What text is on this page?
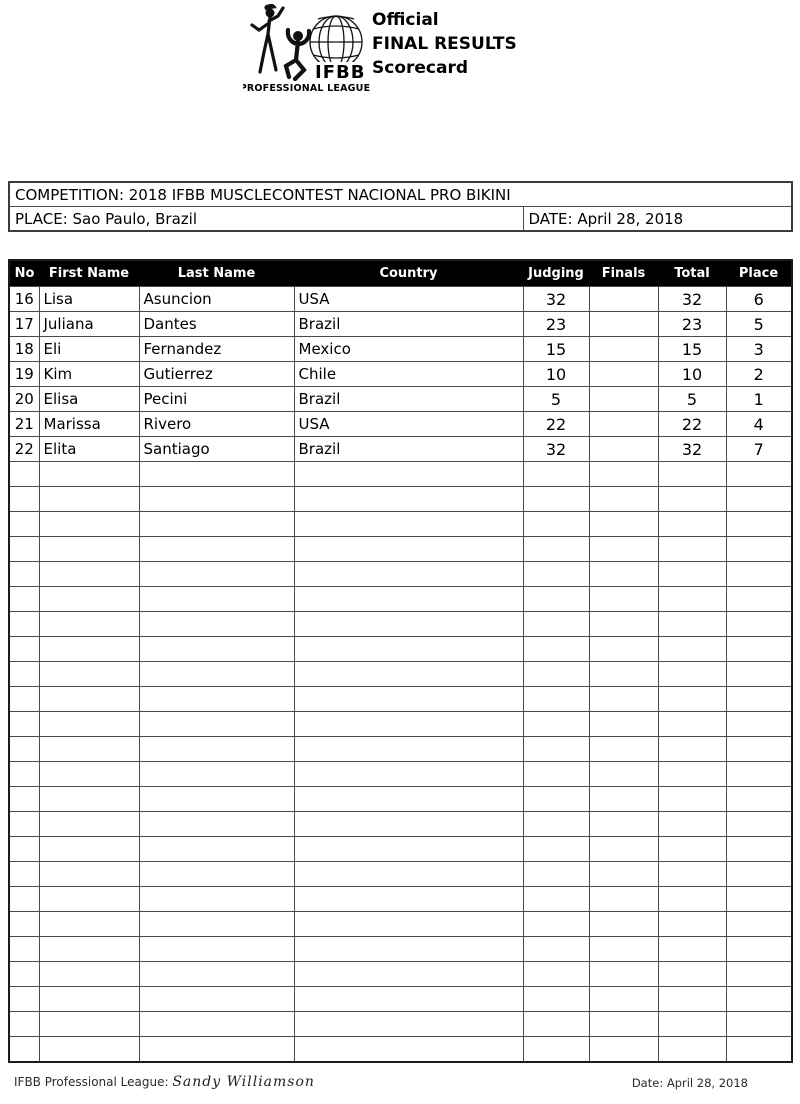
IFBB
PROFESSIONAL LEAGUE
Official
FINAL RESULTS
Scorecard
COMPETITION: 2018 IFBB MUSCLECONTEST NACIONAL PRO BIKINI
PLACE: Sao Paulo, Brazil	DATE: April 28, 2018
No	First Name	Last Name	Country	Judging	Finals	Total	Place
16	Lisa	Asuncion	USA	32		32	6
17	Juliana	Dantes	Brazil	23		23	5
18	Eli	Fernandez	Mexico	15		15	3
19	Kim	Gutierrez	Chile	10		10	2
20	Elisa	Pecini	Brazil	5		5	1
21	Marissa	Rivero	USA	22		22	4
22	Elita	Santiago	Brazil	32		32	7

IFBB Professional League: Sandy Williamson	Date: April 28, 2018
